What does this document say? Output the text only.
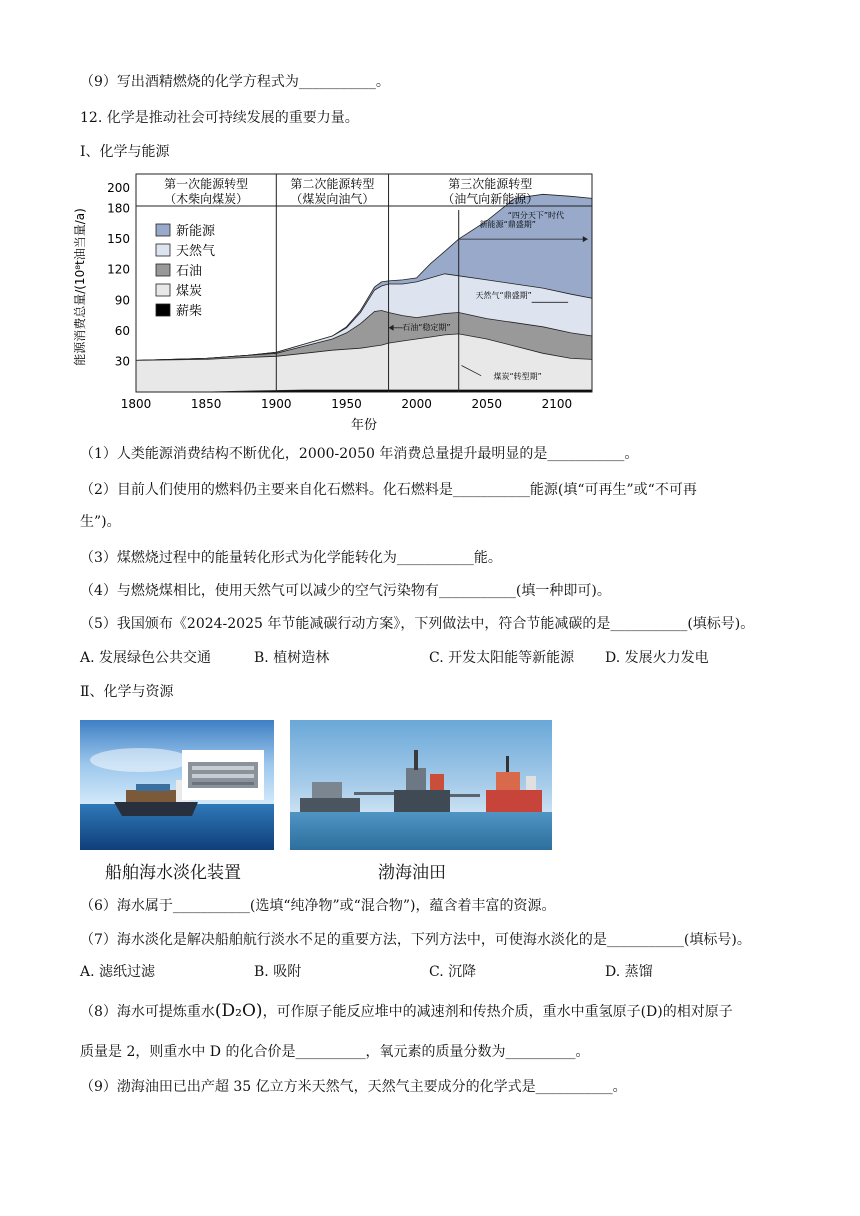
（9）写出酒精燃烧的化学方程式为___________。
12. 化学是推动社会可持续发展的重要力量。
I、化学与能源
第一次能源转型
（木柴向煤炭）
第二次能源转型
（煤炭向油气）
第三次能源转型
（油气向新能源）
1800	1850	1900	1950	2000	2050	2100
30
60
90
120
150
180
200
年份
能源消费总量/(10⁸t油当量/a)	新能源
天然气
石油
煤炭
薪柴
“四分天下”时代
新能源“鼎盛期”
天然气“鼎盛期”
石油“稳定期”
煤炭“转型期”
（1）人类能源消费结构不断优化，2000-2050 年消费总量提升最明显的是___________。
（2）目前人们使用的燃料仍主要来自化石燃料。化石燃料是___________能源(填“可再生”或“不可再
生”)。
（3）煤燃烧过程中的能量转化形式为化学能转化为___________能。
（4）与燃烧煤相比，使用天然气可以减少的空气污染物有___________(填一种即可)。
（5）我国颁布《2024-2025 年节能减碳行动方案》，下列做法中，符合节能减碳的是___________(填标号)。
A. 发展绿色公共交通	B. 植树造林	C. 开发太阳能等新能源 D. 发展火力发电
Ⅱ、化学与资源
船舶海水淡化装置	渤海油田
（6）海水属于___________(选填“纯净物”或“混合物”)，蕴含着丰富的资源。
（7）海水淡化是解决船舶航行淡水不足的重要方法，下列方法中，可使海水淡化的是___________(填标号)。
A. 滤纸过滤	B. 吸附	C. 沉降	D. 蒸馏
（8）海水可提炼重水(D₂O)，可作原子能反应堆中的减速剂和传热介质，重水中重氢原子(D)的相对原子
质量是 2，则重水中 D 的化合价是__________，氧元素的质量分数为__________。
（9）渤海油田已出产超 35 亿立方米天然气，天然气主要成分的化学式是___________。
